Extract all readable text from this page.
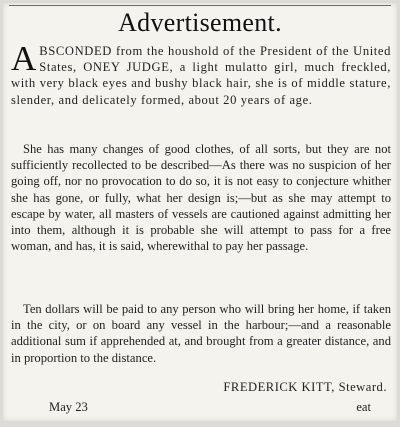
Advertisement.
A BSCONDED from the houshold of the President of the United States, ONEY JUDGE, a light mulatto girl, much freckled, with very black eyes and bushy black hair, she is of middle stature, slender, and delicately formed, about 20 years of age.
She has many changes of good clothes, of all sorts, but they are not sufficiently recollected to be described—As there was no suspicion of her going off, nor no provocation to do so, it is not easy to conjecture whither she has gone, or fully, what her design is;—but as she may attempt to escape by water, all masters of vessels are cautioned against admitting her into them, although it is probable she will attempt to pass for a free woman, and has, it is said, wherewithal to pay her passage.
Ten dollars will be paid to any person who will bring her home, if taken in the city, or on board any vessel in the harbour;—and a reasonable additional sum if apprehended at, and brought from a greater distance, and in proportion to the distance.
FREDERICK KITT, Steward.
May 23	eat
